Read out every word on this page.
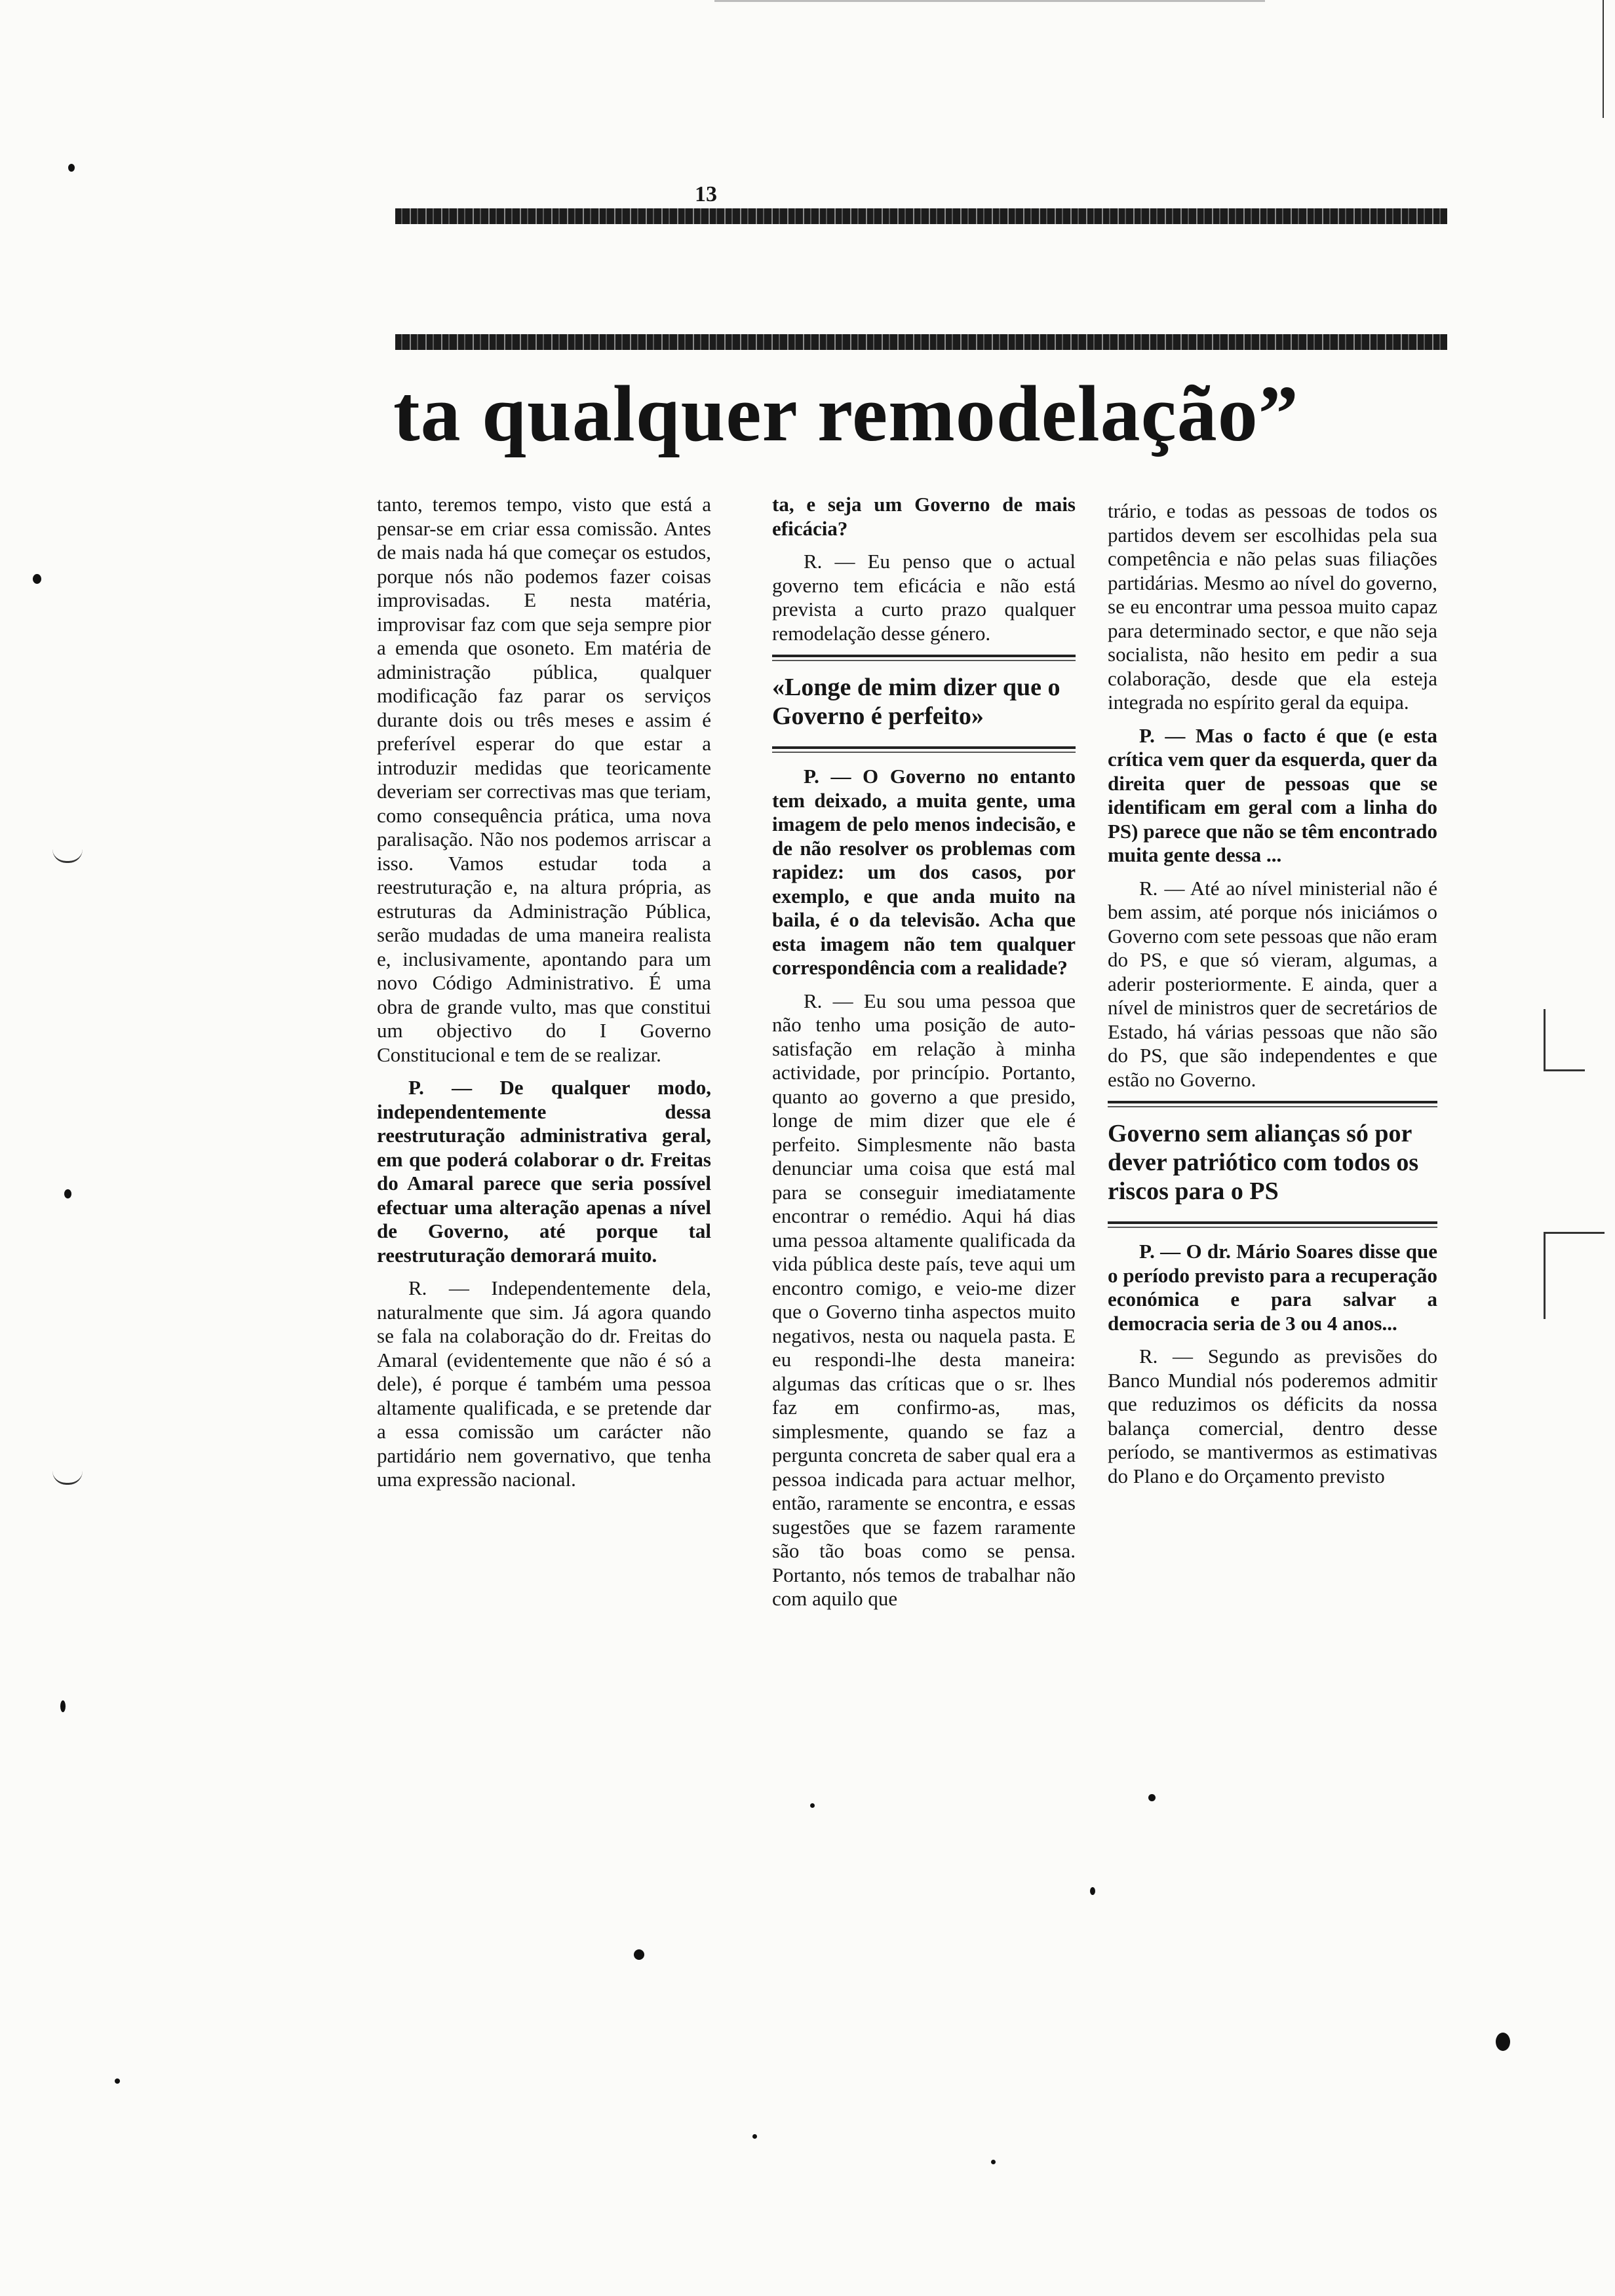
13
ta qualquer remodelação”

tanto, teremos tempo, visto que está a pensar-se em criar essa comissão. Antes de mais nada há que começar os estudos, porque nós não podemos fazer coisas improvisadas. E nesta matéria, improvisar faz com que seja sempre pior a emenda que osoneto. Em matéria de administração pública, qualquer modificação faz parar os serviços durante dois ou três meses e assim é preferível esperar do que estar a introduzir medidas que teoricamente deveriam ser correctivas mas que teriam, como consequência prática, uma nova paralisação. Não nos podemos arriscar a isso. Vamos estudar toda a reestruturação e, na altura própria, as estruturas da Administração Pública, serão mudadas de uma maneira realista e, inclusivamente, apontando para um novo Código Administrativo. É uma obra de grande vulto, mas que constitui um objectivo do I Governo Constitucional e tem de se realizar.

P. — De qualquer modo, independentemente dessa reestruturação administrativa geral, em que poderá colaborar o dr. Freitas do Amaral parece que seria possível efectuar uma alteração apenas a nível de Governo, até porque tal reestruturação demorará muito.

R. — Independentemente dela, naturalmente que sim. Já agora quando se fala na colaboração do dr. Freitas do Amaral (evidentemente que não é só a dele), é porque é também uma pessoa altamente qualificada, e se pretende dar a essa comissão um carácter não partidário nem governativo, que tenha uma expressão nacional.

ta, e seja um Governo de mais eficácia?

R. — Eu penso que o actual governo tem eficácia e não está prevista a curto prazo qualquer remodelação desse género.

«Longe de mim dizer que o Governo é perfeito»

P. — O Governo no entanto tem deixado, a muita gente, uma imagem de pelo menos indecisão, e de não resolver os problemas com rapidez: um dos casos, por exemplo, e que anda muito na baila, é o da televisão. Acha que esta imagem não tem qualquer correspondência com a realidade?

R. — Eu sou uma pessoa que não tenho uma posição de auto-satisfação em relação à minha actividade, por princípio. Portanto, quanto ao governo a que presido, longe de mim dizer que ele é perfeito. Simplesmente não basta denunciar uma coisa que está mal para se conseguir imediatamente encontrar o remédio. Aqui há dias uma pessoa altamente qualificada da vida pública deste país, teve aqui um encontro comigo, e veio-me dizer que o Governo tinha aspectos muito negativos, nesta ou naquela pasta. E eu respondi-lhe desta maneira: algumas das críticas que o sr. lhes faz em confirmo-as, mas, simplesmente, quando se faz a pergunta concreta de saber qual era a pessoa indicada para actuar melhor, então, raramente se encontra, e essas sugestões que se fazem raramente são tão boas como se pensa. Portanto, nós temos de trabalhar não com aquilo que

trário, e todas as pessoas de todos os partidos devem ser escolhidas pela sua competência e não pelas suas filiações partidárias. Mesmo ao nível do governo, se eu encontrar uma pessoa muito capaz para determinado sector, e que não seja socialista, não hesito em pedir a sua colaboração, desde que ela esteja integrada no espírito geral da equipa.

P. — Mas o facto é que (e esta crítica vem quer da esquerda, quer da direita quer de pessoas que se identificam em geral com a linha do PS) parece que não se têm encontrado muita gente dessa ...

R. — Até ao nível ministerial não é bem assim, até porque nós iniciámos o Governo com sete pessoas que não eram do PS, e que só vieram, algumas, a aderir posteriormente. E ainda, quer a nível de ministros quer de secretários de Estado, há várias pessoas que não são do PS, que são independentes e que estão no Governo.

Governo sem alianças só por dever patriótico com todos os riscos para o PS

P. — O dr. Mário Soares disse que o período previsto para a recuperação económica e para salvar a democracia seria de 3 ou 4 anos...

R. — Segundo as previsões do Banco Mundial nós poderemos admitir que reduzimos os déficits da nossa balança comercial, dentro desse período, se mantivermos as estimativas do Plano e do Orçamento previsto
